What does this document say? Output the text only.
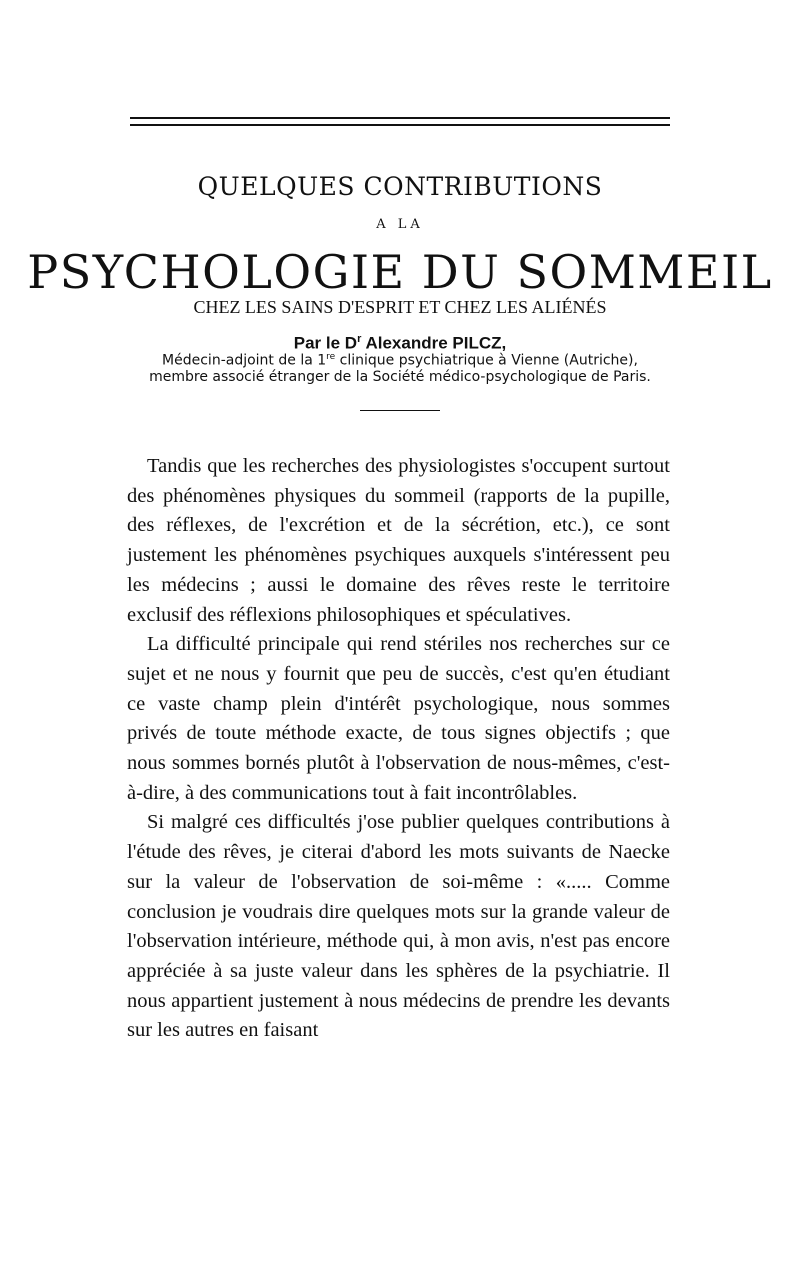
QUELQUES CONTRIBUTIONS
A LA
PSYCHOLOGIE DU SOMMEIL
CHEZ LES SAINS D'ESPRIT ET CHEZ LES ALIÉNÉS
Par le $D^r$ Alexandre PILCZ,
Médecin-adjoint de la 1re clinique psychiatrique à Vienne (Autriche),
membre associé étranger de la Société médico-psychologique de Paris.

Tandis que les recherches des physiologistes s'occupent surtout des phénomènes physiques du sommeil (rapports de la pupille, des réflexes, de l'excrétion et de la sécrétion, etc.), ce sont justement les phénomènes psychiques auxquels s'intéressent peu les médecins ; aussi le domaine des rêves reste le territoire exclusif des réflexions philosophiques et spéculatives.

La difficulté principale qui rend stériles nos recherches sur ce sujet et ne nous y fournit que peu de succès, c'est qu'en étudiant ce vaste champ plein d'intérêt psychologique, nous sommes privés de toute méthode exacte, de tous signes objectifs ; que nous sommes bornés plutôt à l'observation de nous-mêmes, c'est-à-dire, à des communications tout à fait incontrôlables.

Si malgré ces difficultés j'ose publier quelques contributions à l'étude des rêves, je citerai d'abord les mots suivants de Naecke sur la valeur de l'observation de soi-même : «..... Comme conclusion je voudrais dire quelques mots sur la grande valeur de l'observation intérieure, méthode qui, à mon avis, n'est pas encore appréciée à sa juste valeur dans les sphères de la psychiatrie. Il nous appartient justement à nous médecins de prendre les devants sur les autres en faisant
